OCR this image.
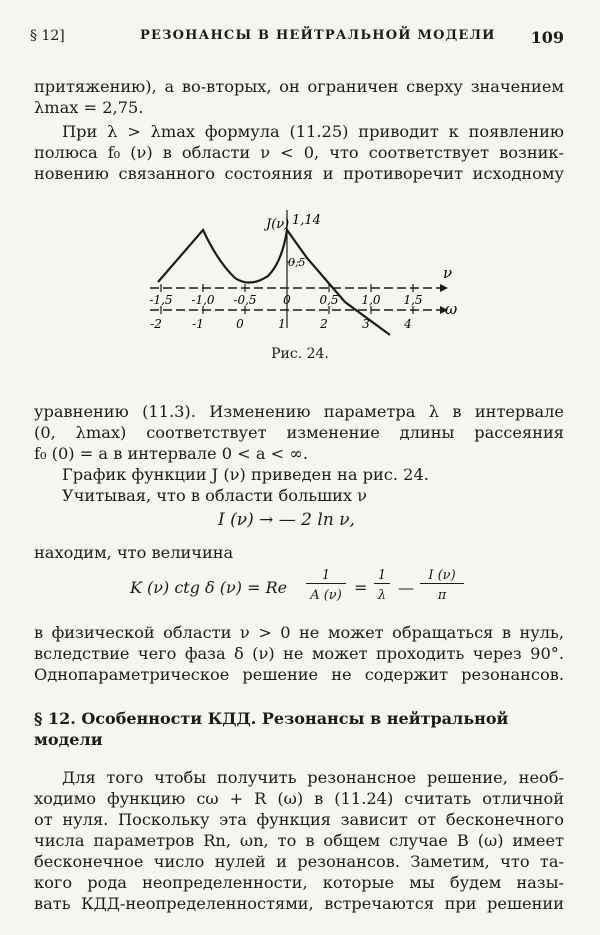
§ 12]	РЕЗОНАНСЫ В НЕЙТРАЛЬНОЙ МОДЕЛИ 109
притяжению), а во-вторых, он ограничен сверху значением
λmax = 2,75.
При λ > λmax формула (11.25) приводит к появлению
полюса f₀ (ν) в области ν < 0, что соответствует возник-
новению связанного состояния и противоречит исходному
J(ν) 1,14
0,5
ν
ω
-1,5 -1,0 -0,5 0 0,5 1,0 1,5
-2	-1	0	1	2	3	4
Рис. 24.
уравнению (11.3). Изменению параметра λ в интервале
(0, λmax) соответствует изменение длины рассеяния
f₀ (0) = a в интервале 0 < a < ∞.
График функции J (ν) приведен на рис. 24.
Учитывая, что в области больших ν
I (ν) → — 2 ln ν,
находим, что величина
K (ν) ctg δ (ν) = Re
1
A (ν) =
1
λ —
I (ν)
π
в физической области ν > 0 не может обращаться в нуль,
вследствие чего фаза δ (ν) не может проходить через 90°.
Однопараметрическое решение не содержит резонансов.
§ 12. Особенности КДД. Резонансы в нейтральной
модели
Для того чтобы получить резонансное решение, необ-
ходимо функцию cω + R (ω) в (11.24) считать отличной
от нуля. Поскольку эта функция зависит от бесконечного
числа параметров Rn, ωn, то в общем случае B (ω) имеет
бесконечное число нулей и резонансов. Заметим, что та-
кого рода неопределенности, которые мы будем назы-
вать КДД-неопределенностями, встречаются при решении
